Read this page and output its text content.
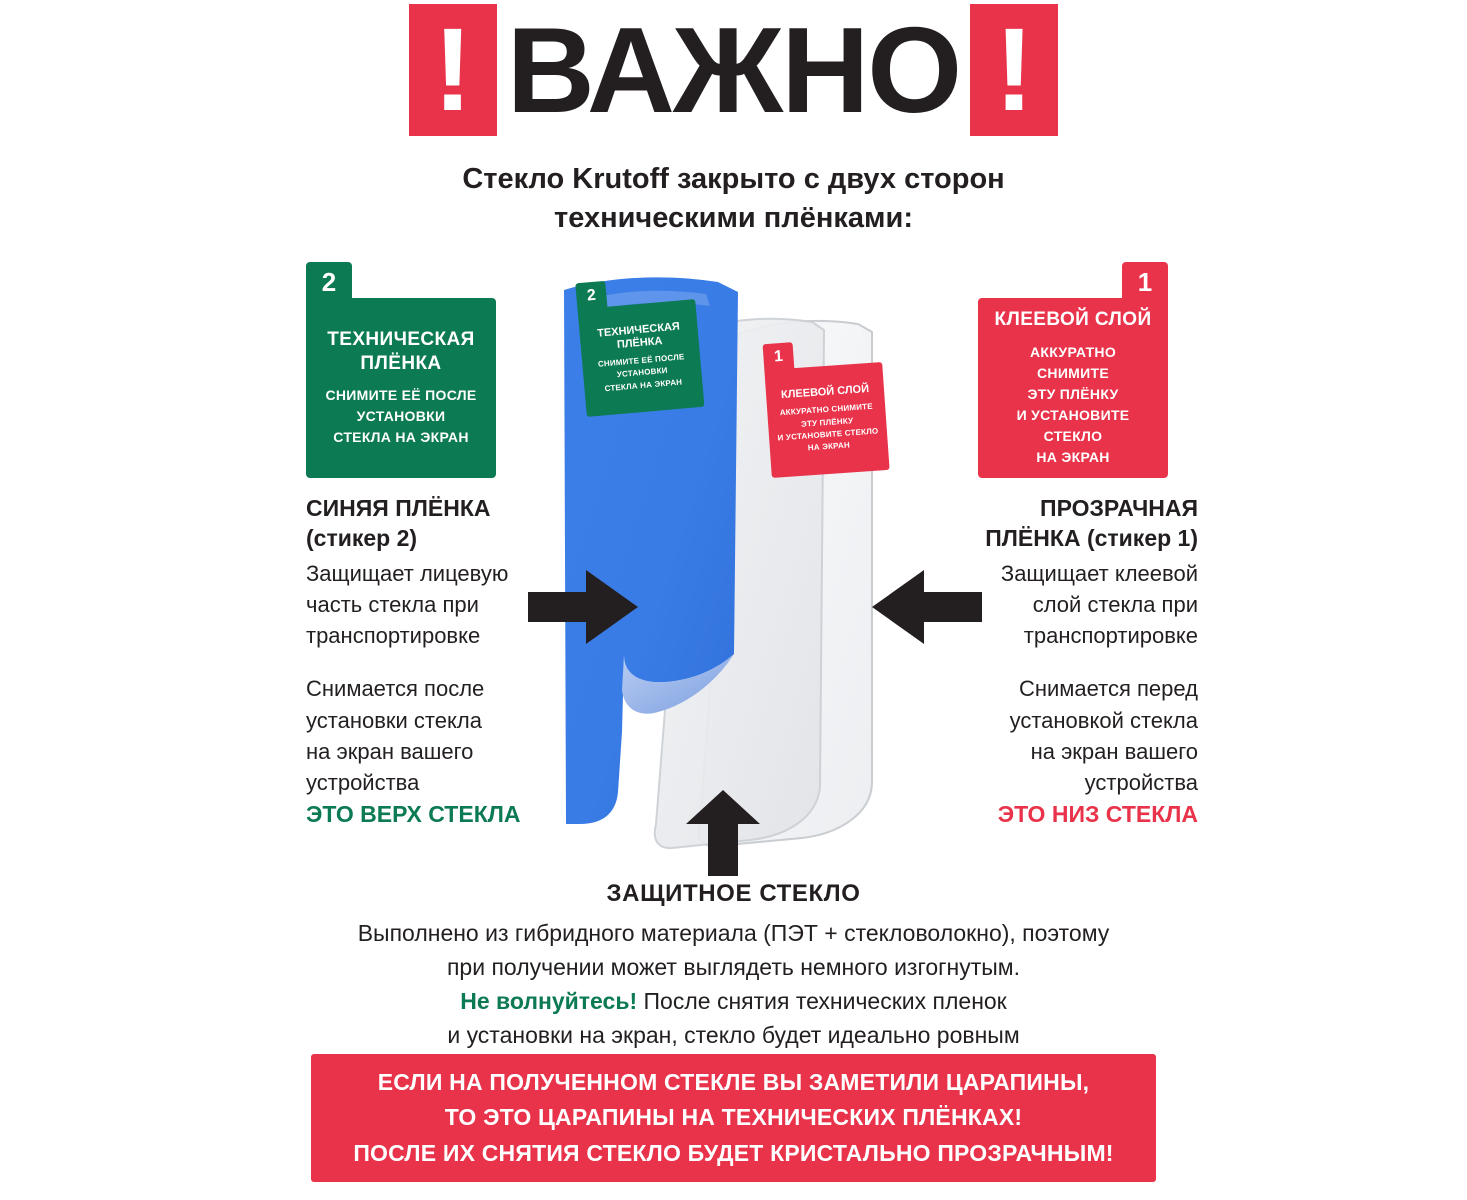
! ВАЖНО !
Стекло Krutoff закрыто с двух сторон
техническими плёнками:
2
ТЕХНИЧЕСКАЯ
ПЛЁНКА
СНИМИТЕ ЕЁ ПОСЛЕ
УСТАНОВКИ
СТЕКЛА НА ЭКРАН
1
КЛЕЕВОЙ СЛОЙ
АККУРАТНО СНИМИТЕ
ЭТУ ПЛЁНКУ
И УСТАНОВИТЕ СТЕКЛО
НА ЭКРАН
2
ТЕХНИЧЕСКАЯ
ПЛЁНКА
СНИМИТЕ ЕЁ ПОСЛЕ
УСТАНОВКИ
СТЕКЛА НА ЭКРАН
1
КЛЕЕВОЙ СЛОЙ
АККУРАТНО СНИМИТЕ
ЭТУ ПЛЁНКУ
И УСТАНОВИТЕ СТЕКЛО
НА ЭКРАН
СИНЯЯ ПЛЁНКА
(стикер 2)
Защищает лицевую
часть стекла при
транспортировке
Снимается после
установки стекла
на экран вашего
устройства
ЭТО ВЕРХ СТЕКЛА
ПРОЗРАЧНАЯ
ПЛЁНКА (стикер 1)
Защищает клеевой
слой стекла при
транспортировке
Снимается перед
установкой стекла
на экран вашего
устройства
ЭТО НИЗ СТЕКЛА
ЗАЩИТНОЕ СТЕКЛО
Выполнено из гибридного материала (ПЭТ + стекловолокно), поэтому
при получении может выглядеть немного изгогнутым.
Не волнуйтесь! После снятия технических пленок
и установки на экран, стекло будет идеально ровным
ЕСЛИ НА ПОЛУЧЕННОМ СТЕКЛЕ ВЫ ЗАМЕТИЛИ ЦАРАПИНЫ,
ТО ЭТО ЦАРАПИНЫ НА ТЕХНИЧЕСКИХ ПЛЁНКАХ!
ПОСЛЕ ИХ СНЯТИЯ СТЕКЛО БУДЕТ КРИСТАЛЬНО ПРОЗРАЧНЫМ!
